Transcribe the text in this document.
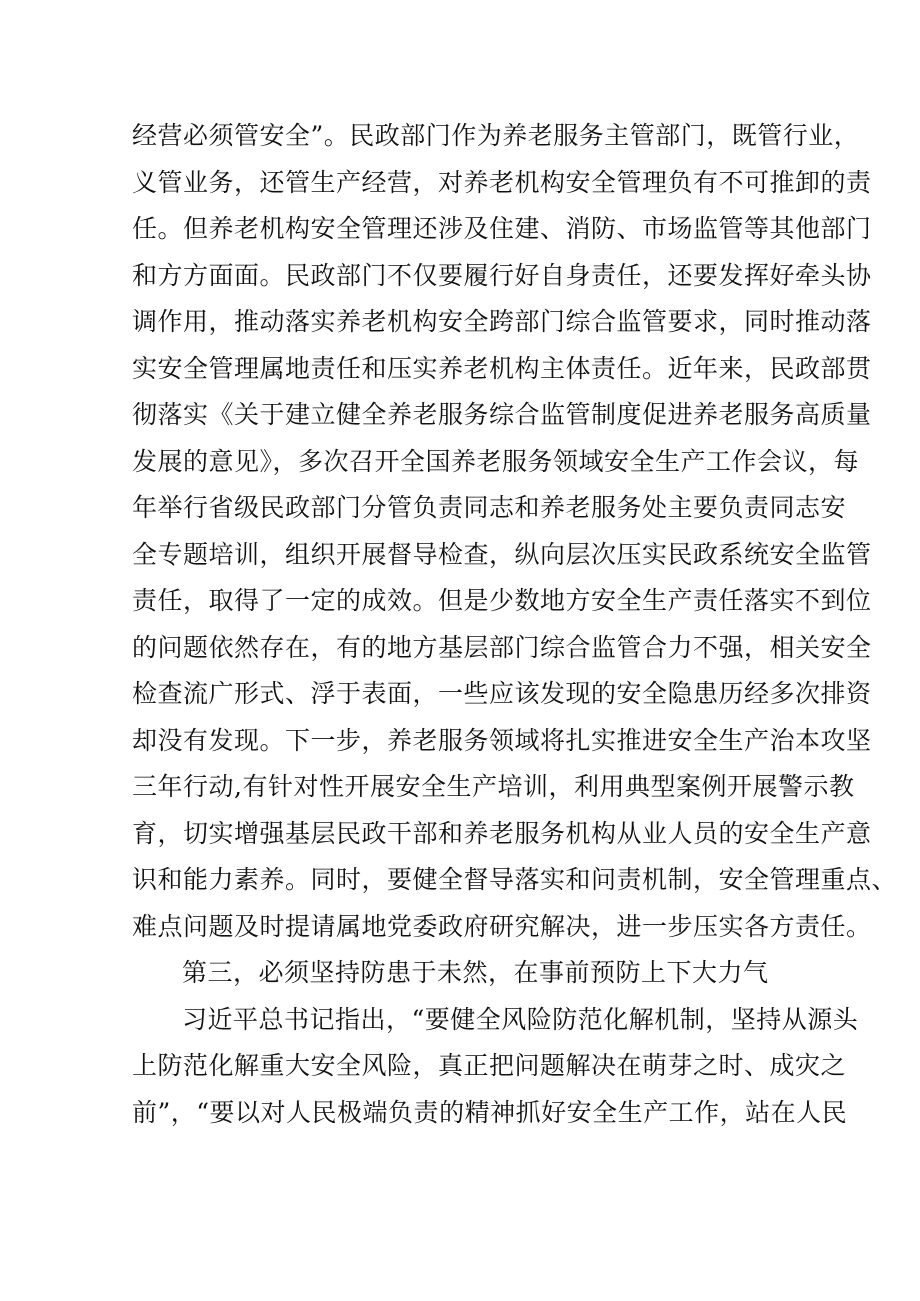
经营必须管安全”。民政部门作为养老服务主管部门，既管行业，
义管业务，还管生产经营，对养老机构安全管理负有不可推卸的责
任。但养老机构安全管理还涉及住建、消防、市场监管等其他部门
和方方面面。民政部门不仅要履行好自身责任，还要发挥好牵头协
调作用，推动落实养老机构安全跨部门综合监管要求，同时推动落
实安全管理属地责任和压实养老机构主体责任。近年来，民政部贯
彻落实《关于建立健全养老服务综合监管制度促进养老服务高质量
发展的意见》，多次召开全国养老服务领域安全生产工作会议，每
年举行省级民政部门分管负责同志和养老服务处主要负责同志安
全专题培训，组织开展督导检查，纵向层次压实民政系统安全监管
责任，取得了一定的成效。但是少数地方安全生产责任落实不到位
的问题依然存在，有的地方基层部门综合监管合力不强，相关安全
检查流广形式、浮于表面，一些应该发现的安全隐患历经多次排资
却没有发现。下一步，养老服务领域将扎实推进安全生产治本攻坚
三年行动,有针对性开展安全生产培训，利用典型案例开展警示教
育，切实增强基层民政干部和养老服务机构从业人员的安全生产意
识和能力素养。同时，要健全督导落实和问责机制，安全管理重点、
难点问题及时提请属地党委政府研究解决，进一步压实各方责任。
第三，必须坚持防患于未然，在事前预防上下大力气
习近平总书记指出，“要健全风险防范化解机制，坚持从源头
上防范化解重大安全风险，真正把问题解决在萌芽之时、成灾之
前”，“要以对人民极端负责的精神抓好安全生产工作，站在人民
